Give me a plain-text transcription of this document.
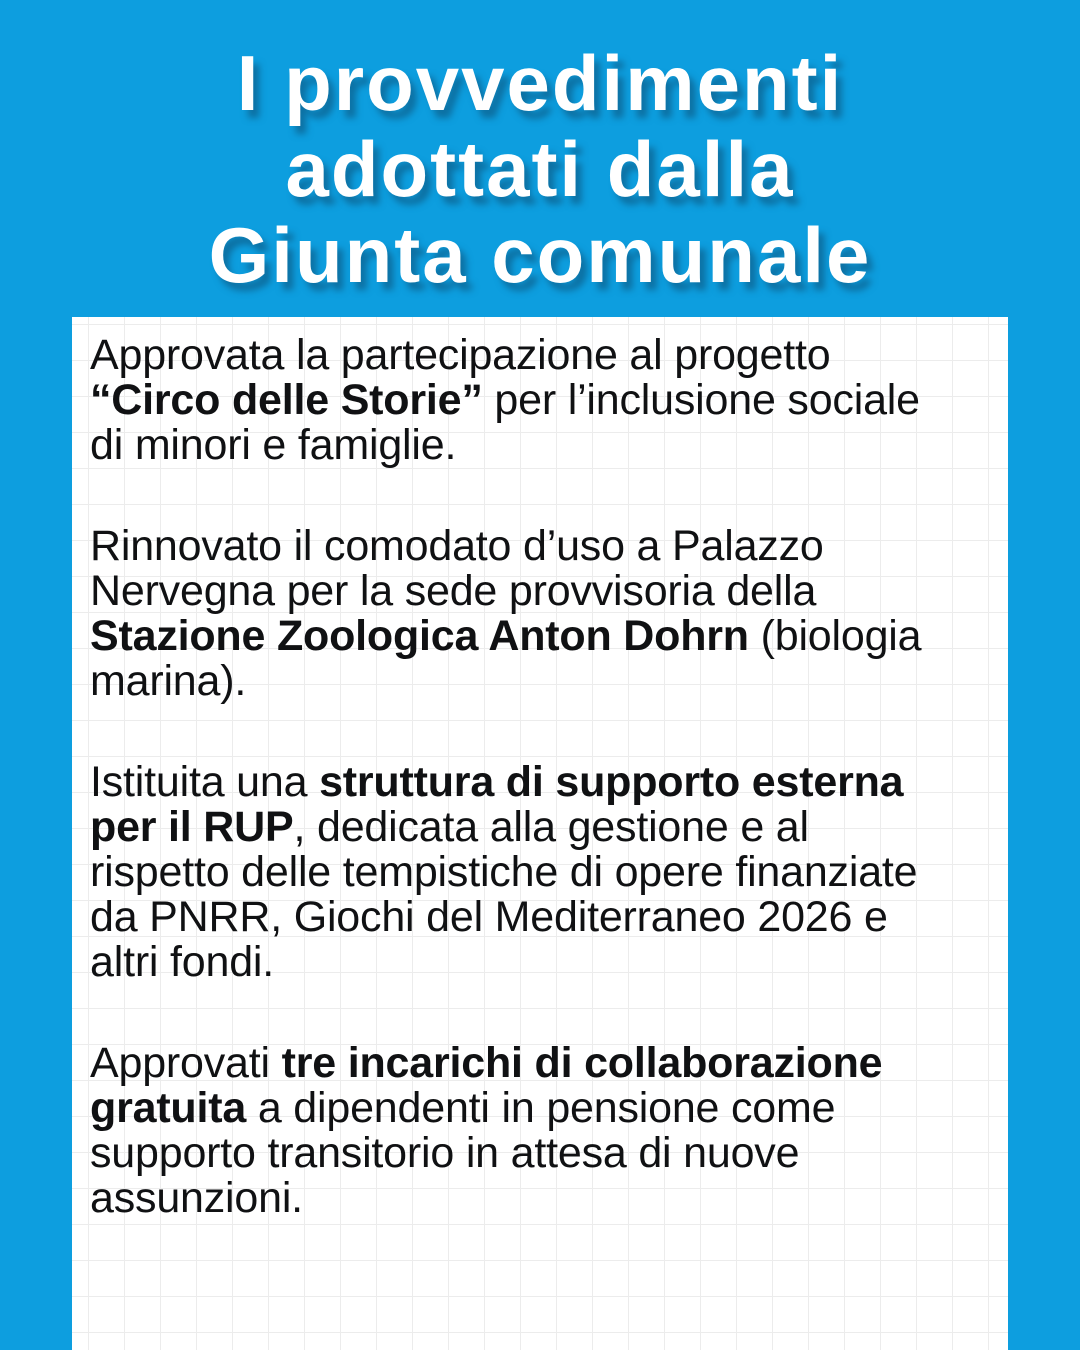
I provvedimenti
adottati dalla
Giunta comunale

Approvata la partecipazione al progetto
“Circo delle Storie” per l’inclusione sociale
di minori e famiglie.

Rinnovato il comodato d’uso a Palazzo
Nervegna per la sede provvisoria della
Stazione Zoologica Anton Dohrn (biologia
marina).

Istituita una struttura di supporto esterna
per il RUP, dedicata alla gestione e al
rispetto delle tempistiche di opere finanziate
da PNRR, Giochi del Mediterraneo 2026 e
altri fondi.

Approvati tre incarichi di collaborazione
gratuita a dipendenti in pensione come
supporto transitorio in attesa di nuove
assunzioni.
